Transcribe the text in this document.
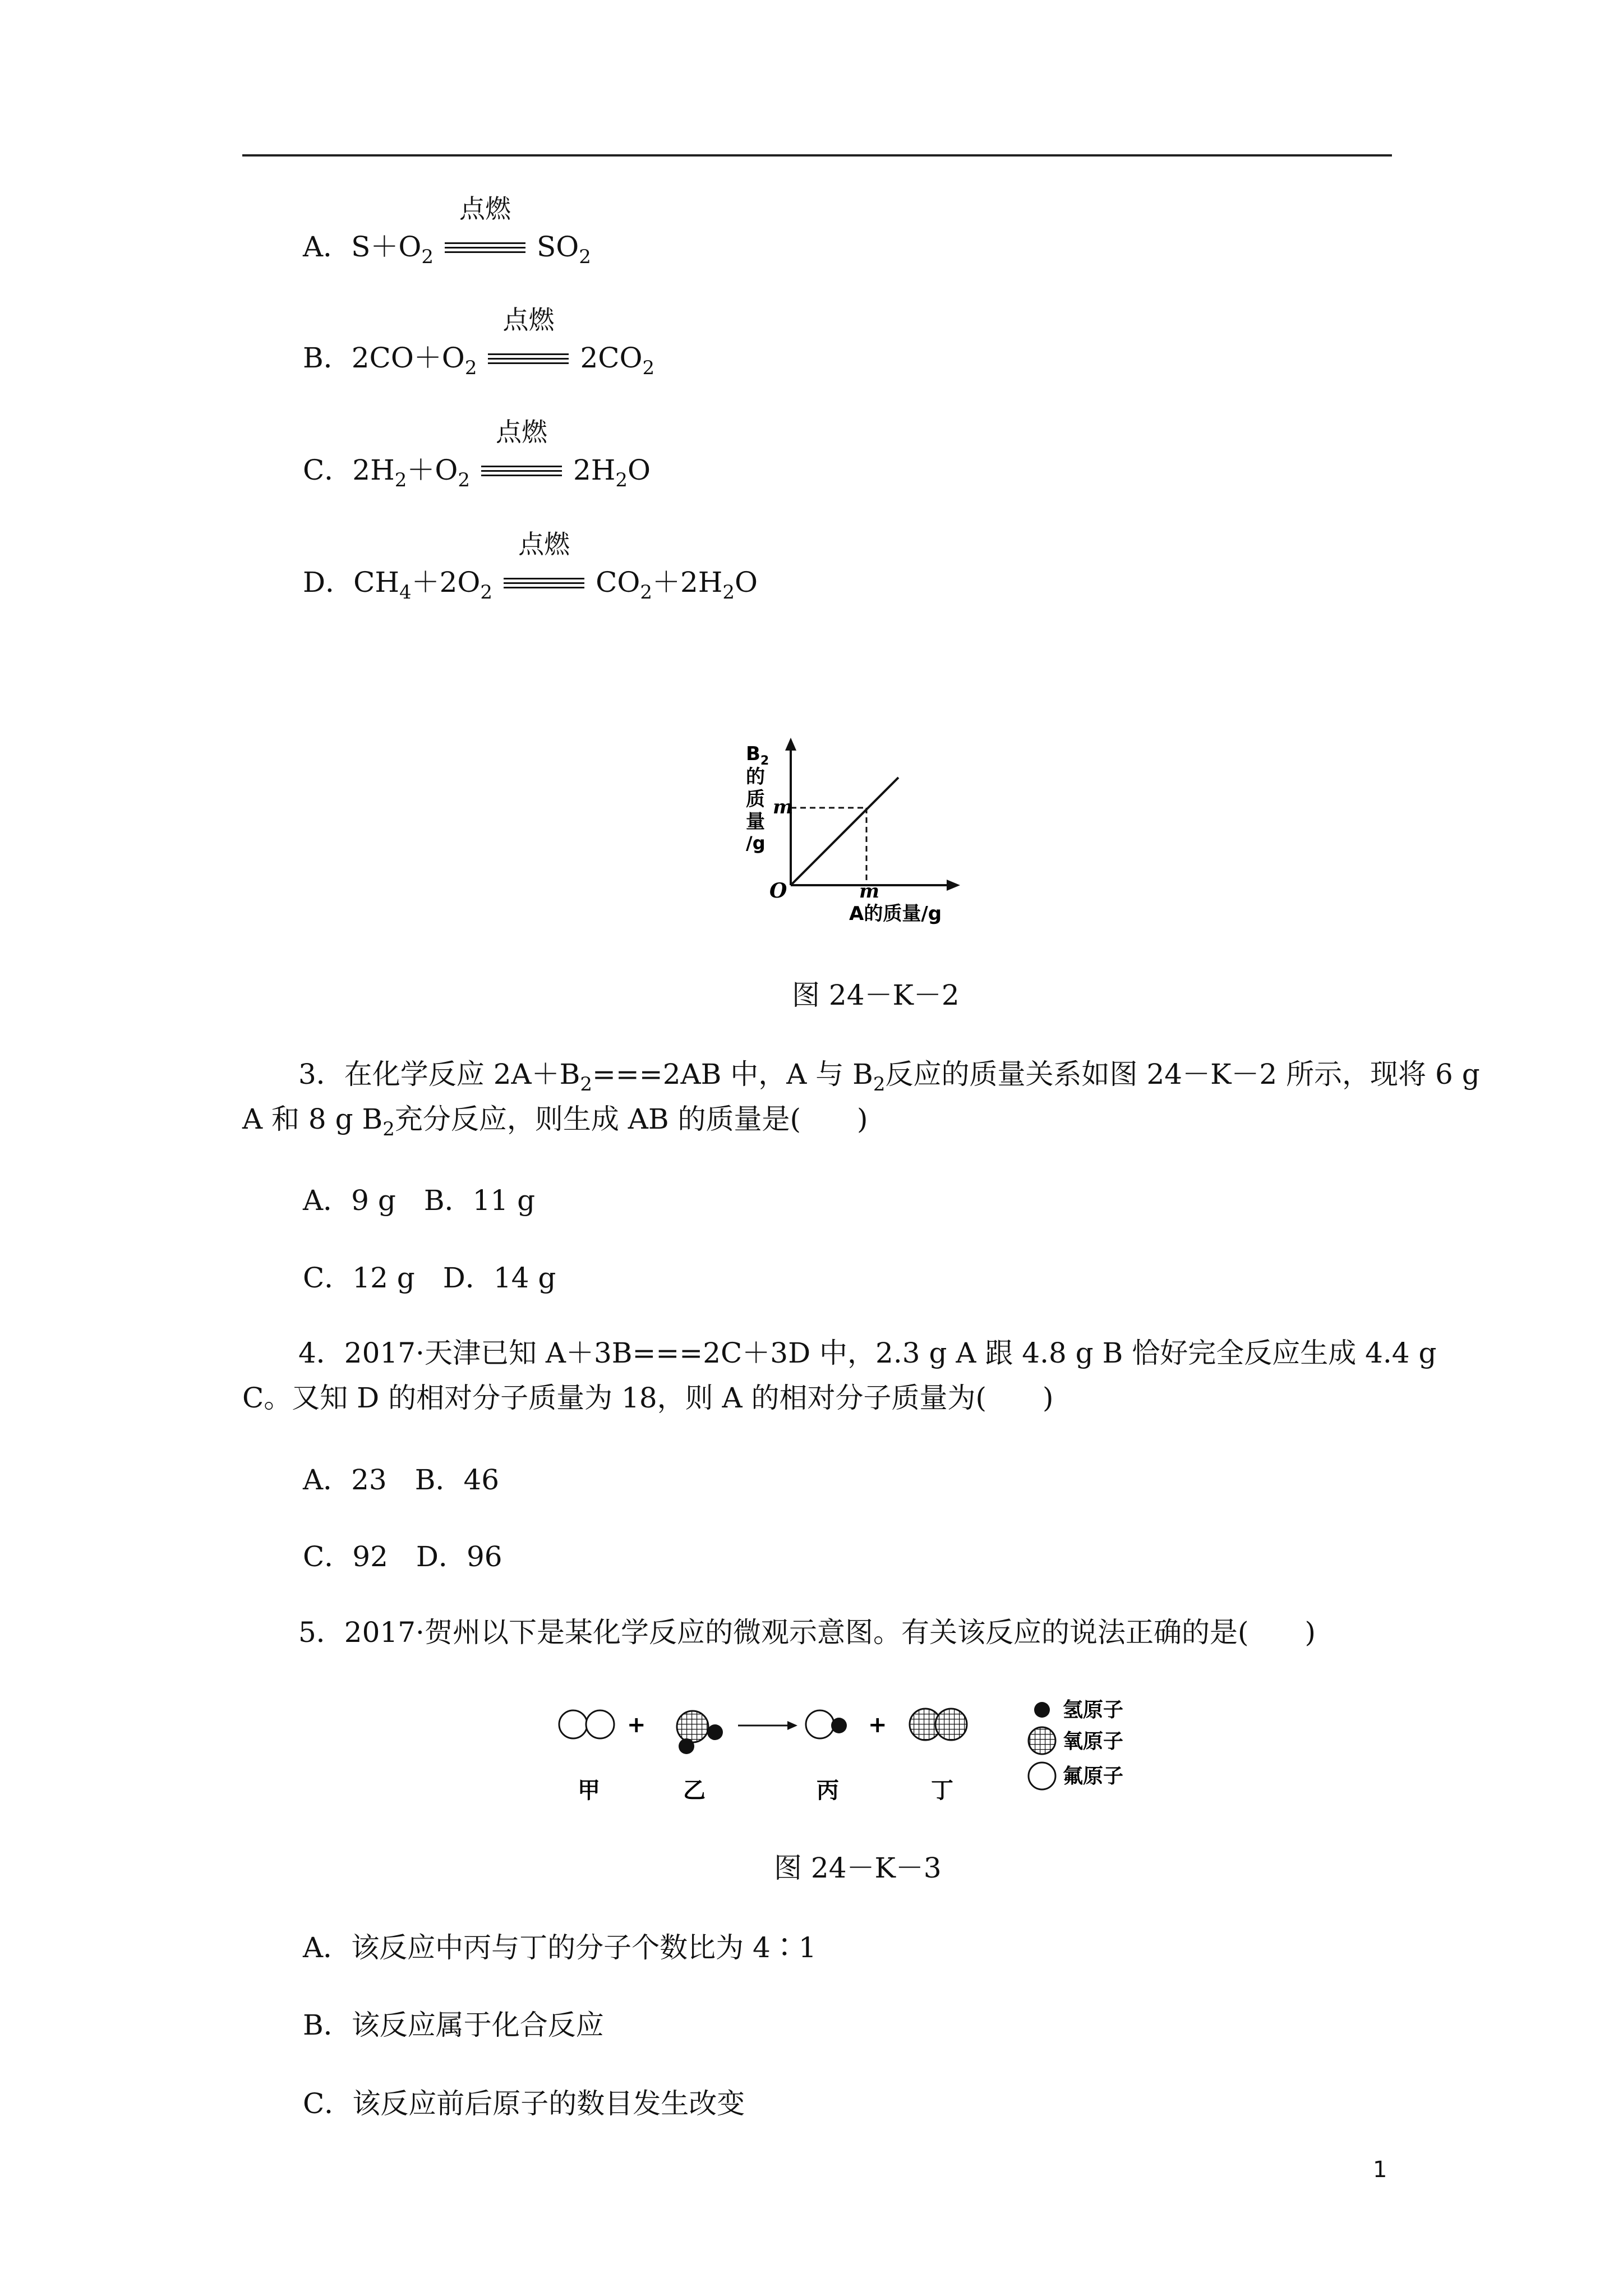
A．$S+O_2$
点燃
$SO_2$
B．$2CO+O_2$
点燃
$2CO_2$
C．$2H_2+O_2$
点燃
$2H_2O$
D．$CH_4+2O_2$
点燃
$CO_2+2H_2O$
m
m
O
A的质量/g
$B_2$
的
质
量
/g
图 24－K－2
3．在化学反应 $2A+B_2===2AB$ 中，A 与 $B_2$反应的质量关系如图 24－K－2 所示，现将 6 g
A 和 8 g $B_2$充分反应，则生成 AB 的质量是(　　)
A．9 g　B．11 g
C．12 g　D．14 g
4．2017·天津已知 A＋3B===2C＋3D 中，2.3 g A 跟 4.8 g B 恰好完全反应生成 4.4 g
C。又知 D 的相对分子质量为 18，则 A 的相对分子质量为(　　)
A．23　B．46
C．92　D．96
5．2017·贺州以下是某化学反应的微观示意图。有关该反应的说法正确的是(　　)
+	+
甲	乙	丙	丁
氢原子
氧原子
氟原子
图 24－K－3
A．该反应中丙与丁的分子个数比为 4∶1
B．该反应属于化合反应
C．该反应前后原子的数目发生改变
1
